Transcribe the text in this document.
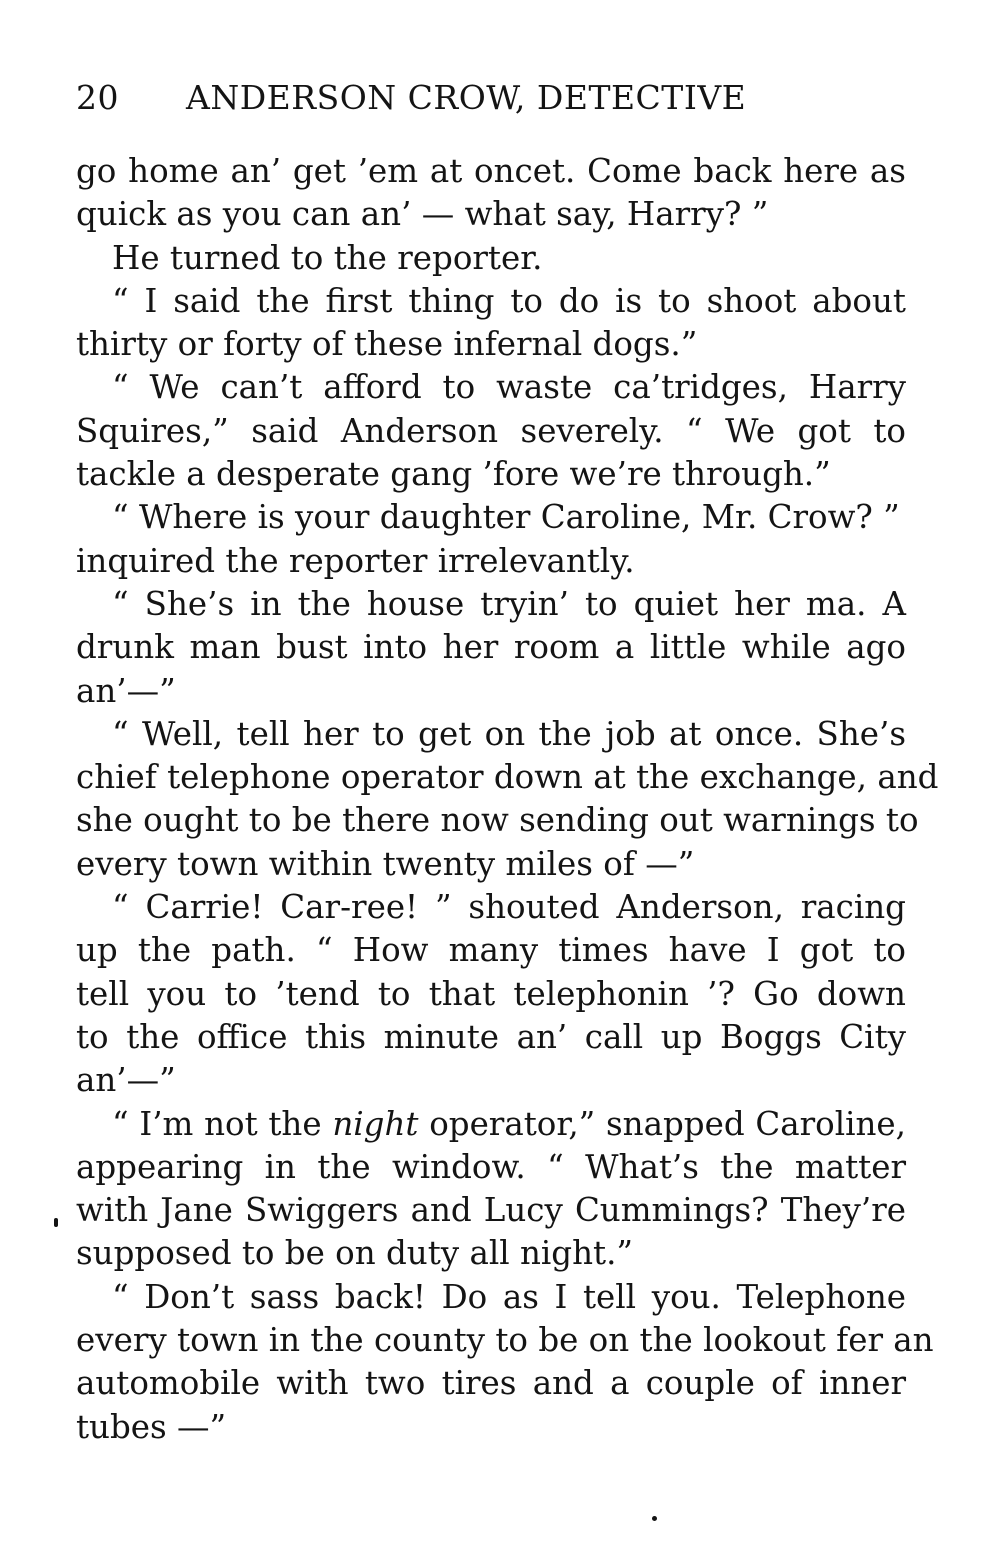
20 ANDERSON CROW, DETECTIVE
go home an’ get ’em at oncet. Come back here as
quick as you can an’ — what say, Harry? ”
He turned to the reporter.
“ I said the first thing to do is to shoot about
thirty or forty of these infernal dogs.”
“ We can’t afford to waste ca’tridges, Harry
Squires,” said Anderson severely. “ We got to
tackle a desperate gang ’fore we’re through.”
“ Where is your daughter Caroline, Mr. Crow? ”
inquired the reporter irrelevantly.
“ She’s in the house tryin’ to quiet her ma. A
drunk man bust into her room a little while ago
an’—”
“ Well, tell her to get on the job at once. She’s
chief telephone operator down at the exchange, and
she ought to be there now sending out warnings to
every town within twenty miles of —”
“ Carrie! Car-ree! ” shouted Anderson, racing
up the path. “ How many times have I got to
tell you to ’tend to that telephonin ’? Go down
to the office this minute an’ call up Boggs City
an’—”
“ I’m not the night operator,” snapped Caroline,
appearing in the window. “ What’s the matter
with Jane Swiggers and Lucy Cummings? They’re
supposed to be on duty all night.”
“ Don’t sass back! Do as I tell you. Telephone
every town in the county to be on the lookout fer an
automobile with two tires and a couple of inner
tubes —”
